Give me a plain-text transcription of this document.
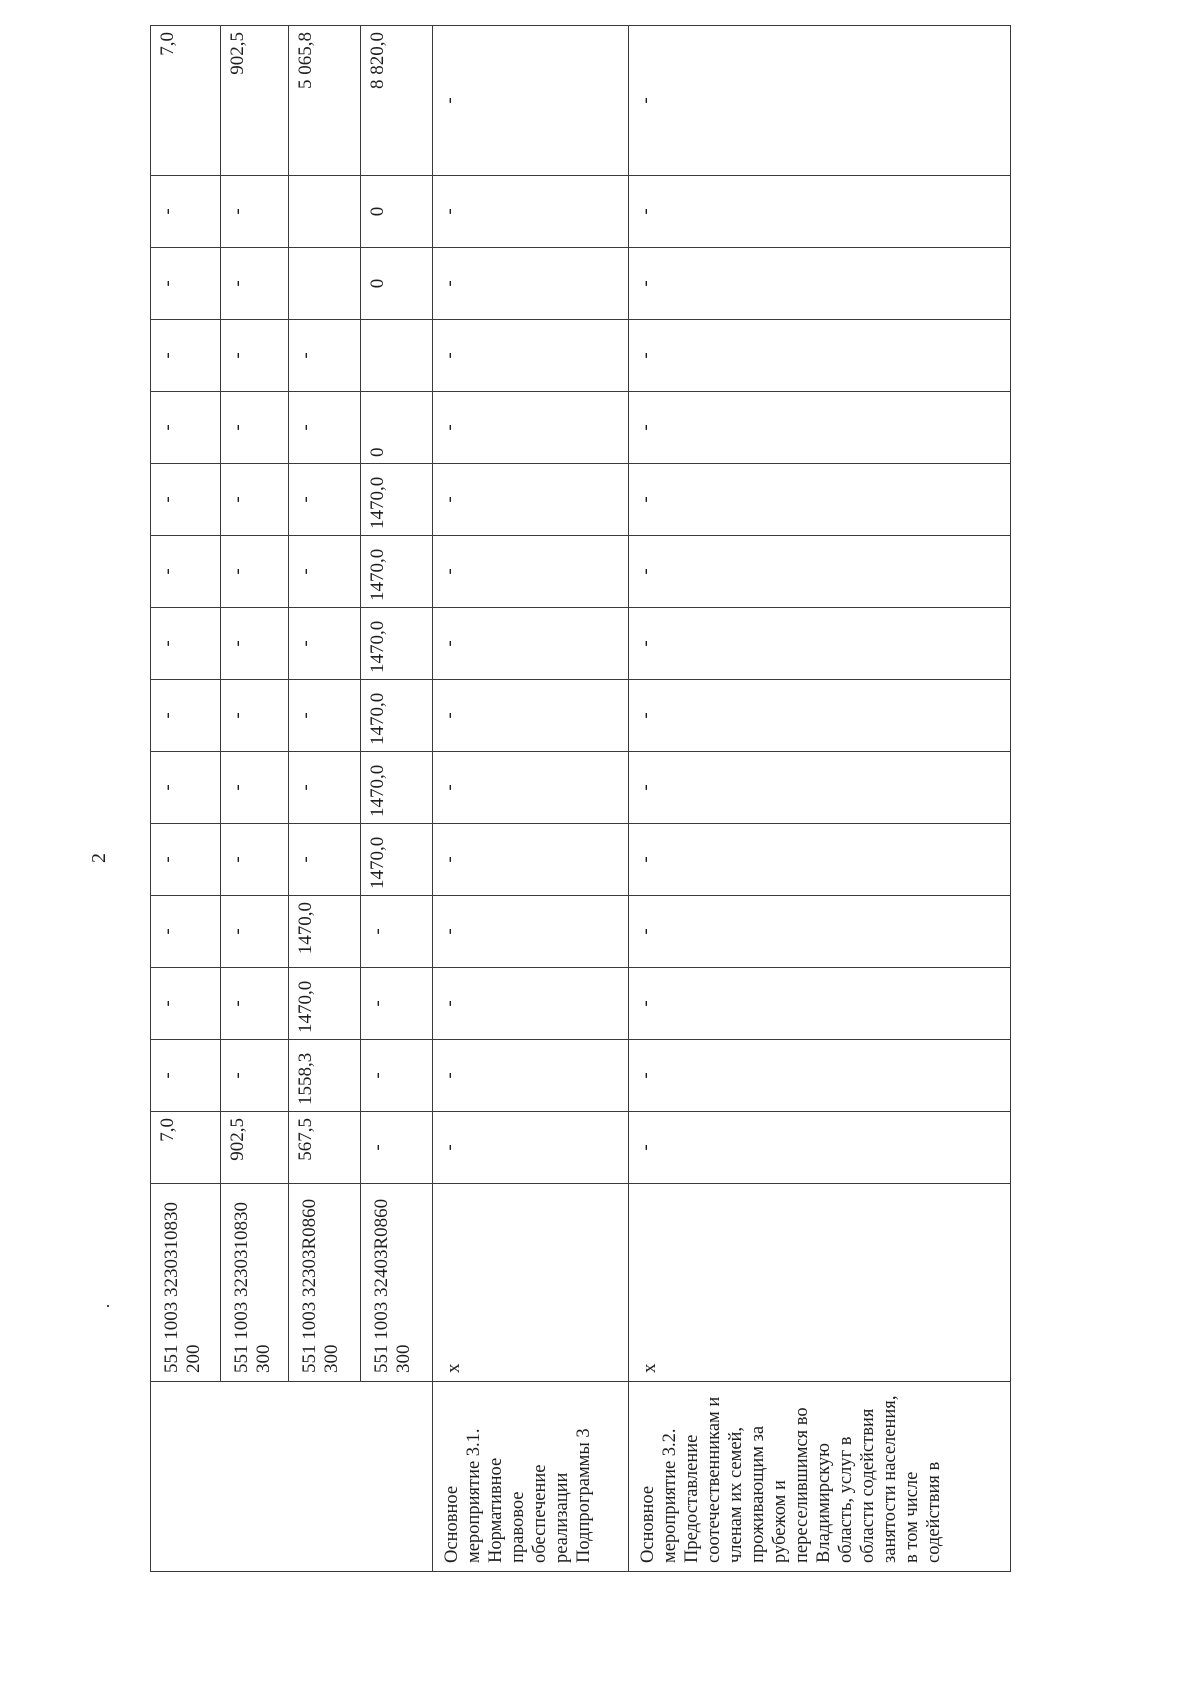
2
	551 1003 3230310830 200	7,0	-	-	-	-	-	-	-	-	-	-	-	-	-	7,0
	551 1003 3230310830 300	902,5	-	-	-	-	-	-	-	-	-	-	-	-	-	902,5
	551 1003 32303R0860 300	567,5	1558,3	1470,0	1470,0	-	-	-	-	-	-	-	-			5 065,8
	551 1003 32403R0860 300	-	-	-	-	1470,0	1470,0	1470,0	1470,0	1470,0	1470,0	0		0	0	8 820,0
Основное мероприятие 3.1. Нормативное правовое обеспечение реализации Подпрограммы 3	х	-	-	-	-	-	-	-	-	-	-	-	-	-	-	-
Основное мероприятие 3.2. Предоставление соотечественникам и членам их семей, проживающим за рубежом и переселившимся во Владимирскую область, услуг в области содействия занятости населения, в том числе содействия в	х	-	-	-	-	-	-	-	-	-	-	-	-	-	-	-
